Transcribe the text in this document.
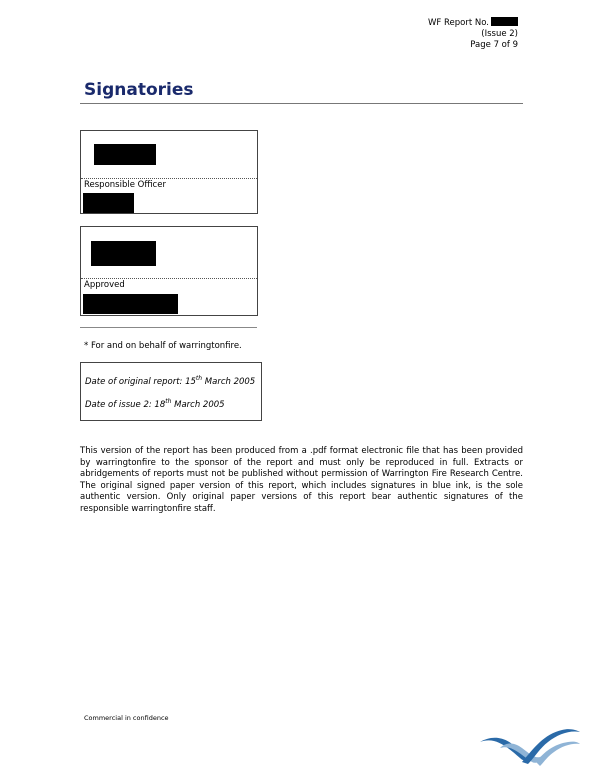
WF Report No.
(Issue 2)
Page 7 of 9
Signatories
Responsible Officer
Approved
* For and on behalf of warringtonfire.
Date of original report: 15th March 2005
Date of issue 2: 18th March 2005
This version of the report has been produced from a .pdf format electronic file that has been provided by warringtonfire to the sponsor of the report and must only be reproduced in full. Extracts or abridgements of reports must not be published without permission of Warrington Fire Research Centre. The original signed paper version of this report, which includes signatures in blue ink, is the sole authentic version. Only original paper versions of this report bear authentic signatures of the responsible warringtonfire staff.
Commercial in confidence
